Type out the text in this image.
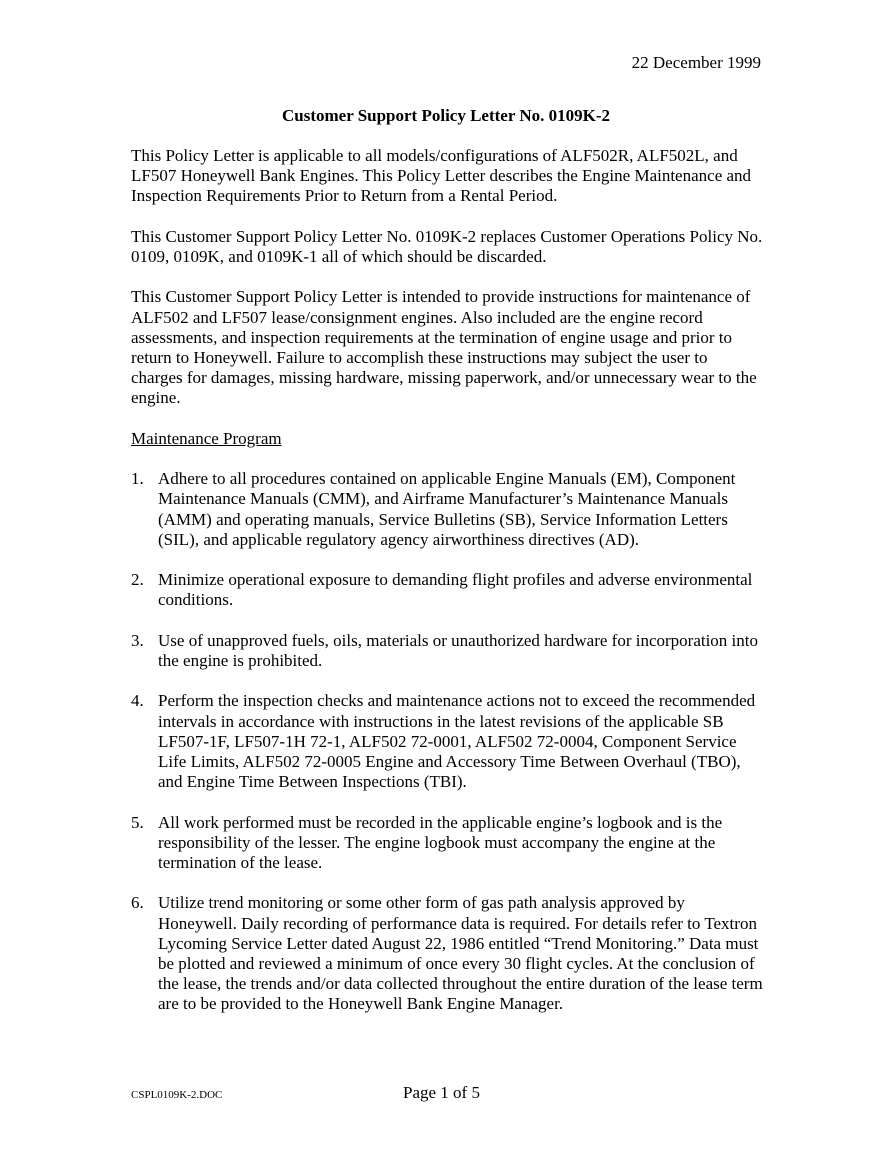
22 December 1999
Customer Support Policy Letter No. 0109K-2

This Policy Letter is applicable to all models/configurations of ALF502R, ALF502L, and LF507 Honeywell Bank Engines. This Policy Letter describes the Engine Maintenance and Inspection Requirements Prior to Return from a Rental Period.

This Customer Support Policy Letter No. 0109K-2 replaces Customer Operations Policy No. 0109, 0109K, and 0109K-1 all of which should be discarded.

This Customer Support Policy Letter is intended to provide instructions for maintenance of ALF502 and LF507 lease/consignment engines. Also included are the engine record assessments, and inspection requirements at the termination of engine usage and prior to return to Honeywell. Failure to accomplish these instructions may subject the user to charges for damages, missing hardware, missing paperwork, and/or unnecessary wear to the engine.

Maintenance Program
1. Adhere to all procedures contained on applicable Engine Manuals (EM), Component Maintenance Manuals (CMM), and Airframe Manufacturer’s Maintenance Manuals (AMM) and operating manuals, Service Bulletins (SB), Service Information Letters (SIL), and applicable regulatory agency airworthiness directives (AD).
2. Minimize operational exposure to demanding flight profiles and adverse environmental conditions.
3. Use of unapproved fuels, oils, materials or unauthorized hardware for incorporation into the engine is prohibited.
4. Perform the inspection checks and maintenance actions not to exceed the recommended intervals in accordance with instructions in the latest revisions of the applicable SB LF507-1F, LF507-1H 72-1, ALF502 72-0001, ALF502 72-0004, Component Service Life Limits, ALF502 72-0005 Engine and Accessory Time Between Overhaul (TBO), and Engine Time Between Inspections (TBI).
5. All work performed must be recorded in the applicable engine’s logbook and is the responsibility of the lesser. The engine logbook must accompany the engine at the termination of the lease.
6. Utilize trend monitoring or some other form of gas path analysis approved by Honeywell. Daily recording of performance data is required. For details refer to Textron Lycoming Service Letter dated August 22, 1986 entitled “Trend Monitoring.” Data must be plotted and reviewed a minimum of once every 30 flight cycles. At the conclusion of the lease, the trends and/or data collected throughout the entire duration of the lease term are to be provided to the Honeywell Bank Engine Manager.
CSPL0109K-2.DOC	Page 1 of 5
